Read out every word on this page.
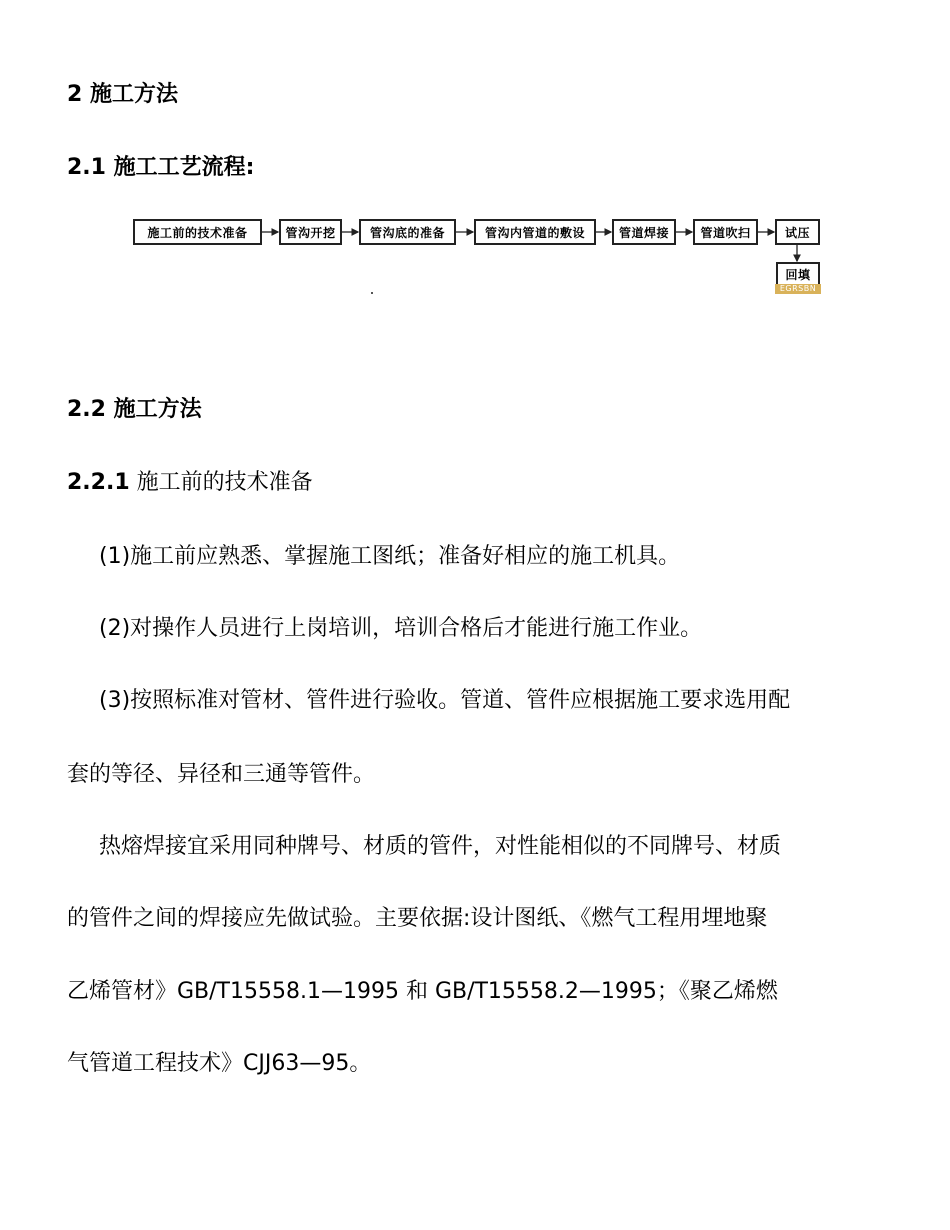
2 施工方法
2.1 施工工艺流程:
施工前的技术准备	管沟开挖	管沟底的准备	管沟内管道的敷设	管道焊接	管道吹扫	试压
回填
EGRSBN
2.2 施工方法
2.2.1 施工前的技术准备
(1)施工前应熟悉、掌握施工图纸；准备好相应的施工机具。
(2)对操作人员进行上岗培训，培训合格后才能进行施工作业。
(3)按照标准对管材、管件进行验收。管道、管件应根据施工要求选用配
套的等径、异径和三通等管件。
热熔焊接宜采用同种牌号、材质的管件，对性能相似的不同牌号、材质
的管件之间的焊接应先做试验。主要依据:设计图纸、《燃气工程用埋地聚
乙烯管材》GB/T15558.1—1995 和 GB/T15558.2—1995；《聚乙烯燃
气管道工程技术》CJJ63—95。
